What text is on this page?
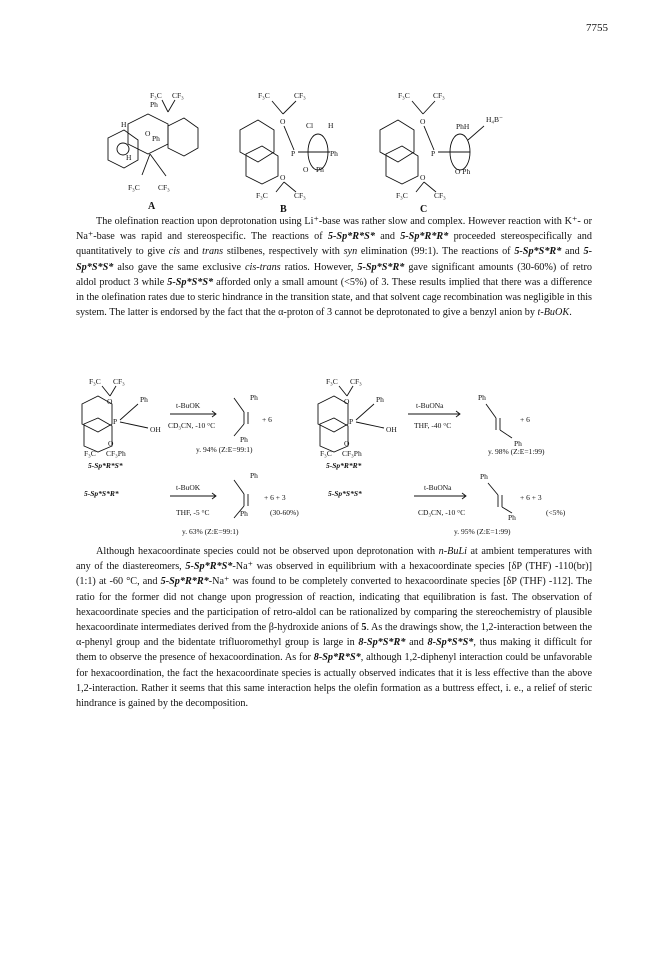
7755
F₃C CF₃
Ph
H
O
Ph
H
F₃C CF₃
A
F₃C	CF₃
O
P
Cl H
Ph
O Ph
O
F₃C	CF₃
B
F₃C	CF₃
O
P
PhH
H₄B⁻
O Ph
O
F₃C	CF₃
C
F₃C CF₃
O
P
Ph
OH
O
F₃C CF₃Ph
5-Sp*R*S*
t-BuOK
CD₃CN, -10 °C
y. 94% (Z:E=99:1)
Ph
Ph
+ 6
F₃C CF₃
O
P
Ph
OH
O
F₃C CF₃Ph
5-Sp*R*R*
t-BuONa
THF, -40 °C
y. 98% (Z:E=1:99)
Ph
Ph
+ 6
5-Sp*S*R*
t-BuOK
THF, -5 °C
Ph
Ph
+ 6 + 3
(30-60%)
y. 63% (Z:E=99:1)
5-Sp*S*S*
t-BuONa
CD₃CN, -10 °C
Ph
Ph
+ 6 + 3
(<5%)
y. 95% (Z:E=1:99)

The olefination reaction upon deprotonation using Li⁺-base was rather slow and complex. However reaction with K⁺- or Na⁺-base was rapid and stereospecific. The reactions of 5-Sp*R*S* and 5-Sp*R*R* proceeded stereospecifically and quantitatively to give cis and trans stilbenes, respectively with syn elimination (99:1). The reactions of 5-Sp*S*R* and 5-Sp*S*S* also gave the same exclusive cis-trans ratios. However, 5-Sp*S*R* gave significant amounts (30-60%) of retro aldol product 3 while 5-Sp*S*S* afforded only a small amount (<5%) of 3. These results implied that there was a difference in the olefination rates due to steric hindrance in the transition state, and that solvent cage recombination was negligible in this system. The latter is endorsed by the fact that the α-proton of 3 cannot be deprotonated to give a benzyl anion by t-BuOK.

Although hexacoordinate species could not be observed upon deprotonation with n-BuLi at ambient temperatures with any of the diastereomers, 5-Sp*R*S*-Na⁺ was observed in equilibrium with a hexacoordinate species [δP (THF) -110(br)](1:1) at -60 °C, and 5-Sp*R*R*-Na⁺ was found to be completely converted to hexacoordinate species [δP (THF) -112]. The ratio for the former did not change upon progression of reaction, indicating that equilibration is fast. The observation of hexacoordinate species and the participation of retro-aldol can be rationalized by comparing the stereochemistry of plausible hexacoordinate intermediates derived from the β-hydroxide anions of 5. As the drawings show, the 1,2-interaction between the α-phenyl group and the bidentate trifluoromethyl group is large in 8-Sp*S*R* and 8-Sp*S*S*, thus making it difficult for them to observe the presence of hexacoordination. As for 8-Sp*R*S*, although 1,2-diphenyl interaction could be unfavorable for hexacoordination, the fact the hexacoordinate species is actually observed indicates that it is less effective than the above 1,2-interaction. Rather it seems that this same interaction helps the olefin formation as a buttress effect, i. e., a relief of steric hindrance is gained by the decomposition.
